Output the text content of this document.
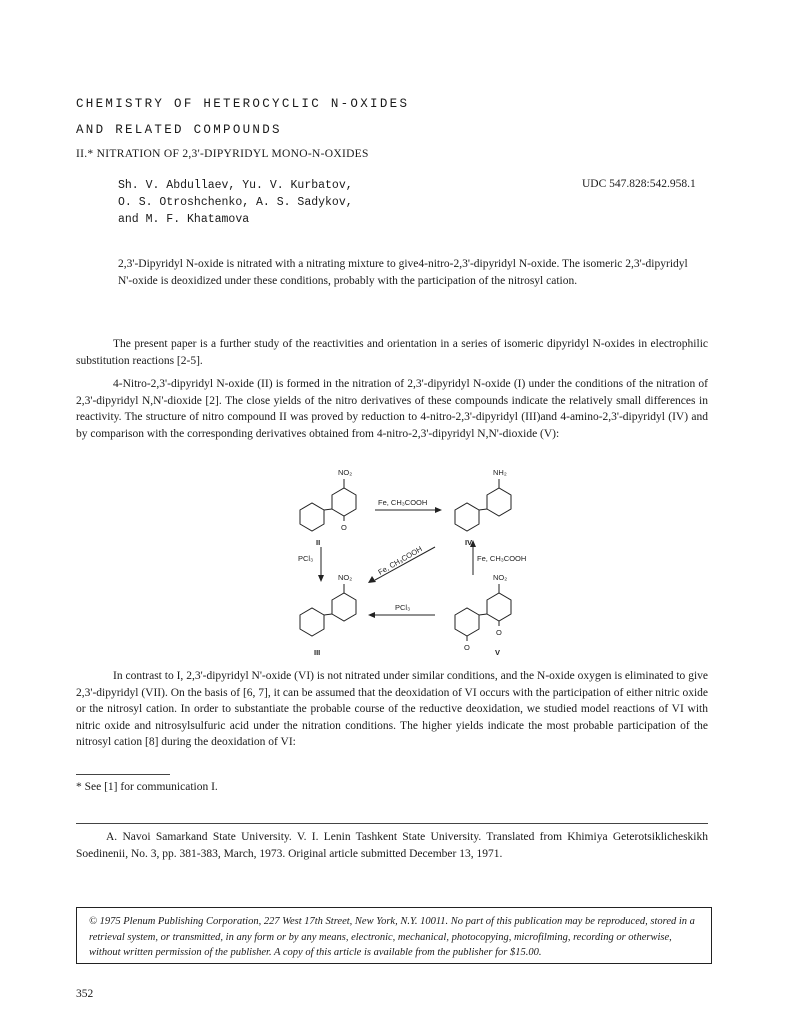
CHEMISTRY OF HETEROCYCLIC N-OXIDES
AND RELATED COMPOUNDS
II.* NITRATION OF 2,3'-DIPYRIDYL MONO-N-OXIDES
Sh. V. Abdullaev, Yu. V. Kurbatov,
O. S. Otroshchenko, A. S. Sadykov,
and M. F. Khatamova
UDC 547.828:542.958.1
2,3'-Dipyridyl N-oxide is nitrated with a nitrating mixture to give4-nitro-2,3'-dipyridyl N-oxide. The isomeric 2,3'-dipyridyl N'-oxide is deoxidized under these conditions, probably with the participation of the nitrosyl cation.
The present paper is a further study of the reactivities and orientation in a series of isomeric dipyridyl N-oxides in electrophilic substitution reactions [2-5].
4-Nitro-2,3'-dipyridyl N-oxide (II) is formed in the nitration of 2,3'-dipyridyl N-oxide (I) under the conditions of the nitration of 2,3'-dipyridyl N,N'-dioxide [2]. The close yields of the nitro derivatives of these compounds indicate the relatively small differences in reactivity. The structure of nitro compound II was proved by reduction to 4-nitro-2,3'-dipyridyl (III)and 4-amino-2,3'-dipyridyl (IV) and by comparison with the corresponding derivatives obtained from 4-nitro-2,3'-dipyridyl N,N'-dioxide (V):
NO₂	NH₂
NO₂	NO₂
O
O
O
Fe, CH₃COOH
Fe, CH₃COOH
PCl₃
PCl₃	Fe, CH₃COOH
II	IV
III	V
In contrast to I, 2,3'-dipyridyl N'-oxide (VI) is not nitrated under similar conditions, and the N-oxide oxygen is eliminated to give 2,3'-dipyridyl (VII). On the basis of [6, 7], it can be assumed that the deoxidation of VI occurs with the participation of either nitric oxide or the nitrosyl cation. In order to substantiate the probable course of the reductive deoxidation, we studied model reactions of VI with nitric oxide and nitrosylsulfuric acid under the nitration conditions. The higher yields indicate the most probable participation of the nitrosyl cation [8] during the deoxidation of VI:
* See [1] for communication I.
A. Navoi Samarkand State University. V. I. Lenin Tashkent State University. Translated from Khimiya Geterotsiklicheskikh Soedinenii, No. 3, pp. 381-383, March, 1973. Original article submitted December 13, 1971.
© 1975 Plenum Publishing Corporation, 227 West 17th Street, New York, N.Y. 10011. No part of this publication may be reproduced, stored in a retrieval system, or transmitted, in any form or by any means, electronic, mechanical, photocopying, microfilming, recording or otherwise, without written permission of the publisher. A copy of this article is available from the publisher for $15.00.
352
